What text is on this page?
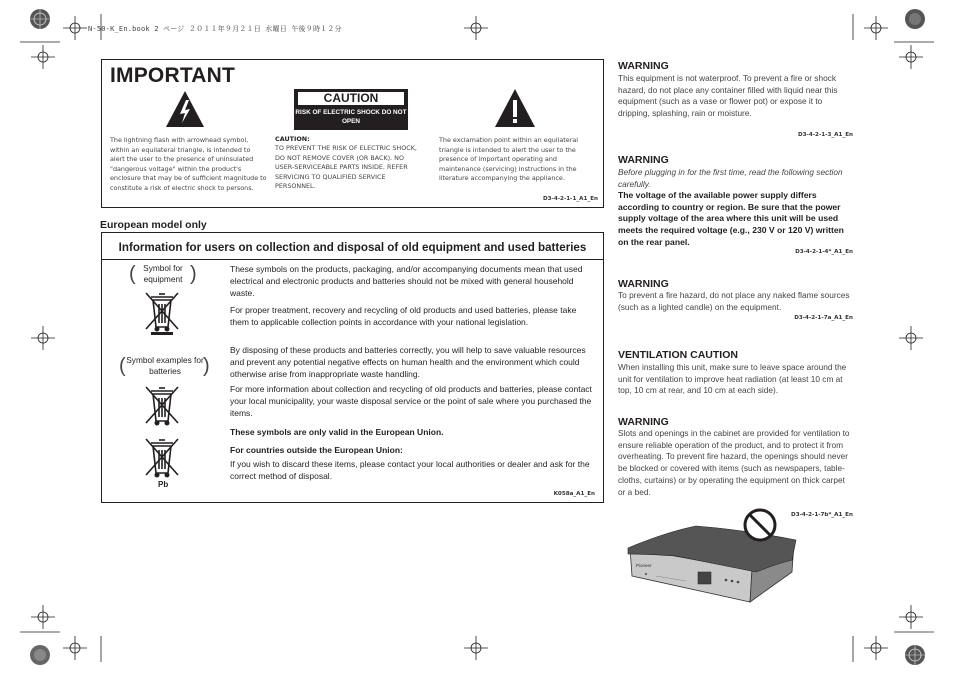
N-50-K_En.book 2 ページ ２０１１年９月２１日 水曜日 午後９時１２分
IMPORTANT
CAUTION
RISK OF ELECTRIC SHOCK DO NOT OPEN
The lightning flash with arrowhead symbol, within an equilateral triangle, is intended to alert the user to the presence of uninsulated "dangerous voltage" within the product's enclosure that may be of sufficient magnitude to constitute a risk of electric shock to persons.
CAUTION:
TO PREVENT THE RISK OF ELECTRIC SHOCK, DO NOT REMOVE COVER (OR BACK). NO USER-SERVICEABLE PARTS INSIDE. REFER SERVICING TO QUALIFIED SERVICE PERSONNEL.
The exclamation point within an equilateral triangle is intended to alert the user to the presence of important operating and maintenance (servicing) instructions in the literature accompanying the appliance.
D3-4-2-1-1_A1_En
European model only
Information for users on collection and disposal of old equipment and used batteries
( Symbol for equipment )
( Symbol examples for batteries	)
Pb
These symbols on the products, packaging, and/or accompanying documents mean that used electrical and electronic products and batteries should not be mixed with general household waste.
For proper treatment, recovery and recycling of old products and used batteries, please take them to applicable collection points in accordance with your national legislation.
By disposing of these products and batteries correctly, you will help to save valuable resources and prevent any potential negative effects on human health and the environment which could otherwise arise from inappropriate waste handling.
For more information about collection and recycling of old products and batteries, please contact your local municipality, your waste disposal service or the point of sale where you purchased the items.
These symbols are only valid in the European Union.
For countries outside the European Union:
If you wish to discard these items, please contact your local authorities or dealer and ask for the correct method of disposal.
K058a_A1_En
WARNING
This equipment is not waterproof. To prevent a fire or shock hazard, do not place any container filled with liquid near this equipment (such as a vase or flower pot) or expose it to dripping, splashing, rain or moisture.
D3-4-2-1-3_A1_En
WARNING
Before plugging in for the first time, read the following section carefully.
The voltage of the available power supply differs according to country or region. Be sure that the power supply voltage of the area where this unit will be used meets the required voltage (e.g., 230 V or 120 V) written on the rear panel.
D3-4-2-1-4*_A1_En
WARNING
To prevent a fire hazard, do not place any naked flame sources (such as a lighted candle) on the equipment.
D3-4-2-1-7a_A1_En
VENTILATION CAUTION
When installing this unit, make sure to leave space around the unit for ventilation to improve heat radiation (at least 10 cm at top, 10 cm at rear, and 10 cm at each side).
WARNING
Slots and openings in the cabinet are provided for ventilation to ensure reliable operation of the product, and to protect it from overheating. To prevent fire hazard, the openings should never be blocked or covered with items (such as newspapers, table-cloths, curtains) or by operating the equipment on thick carpet or a bed.
D3-4-2-1-7b*_A1_En
Pioneer
